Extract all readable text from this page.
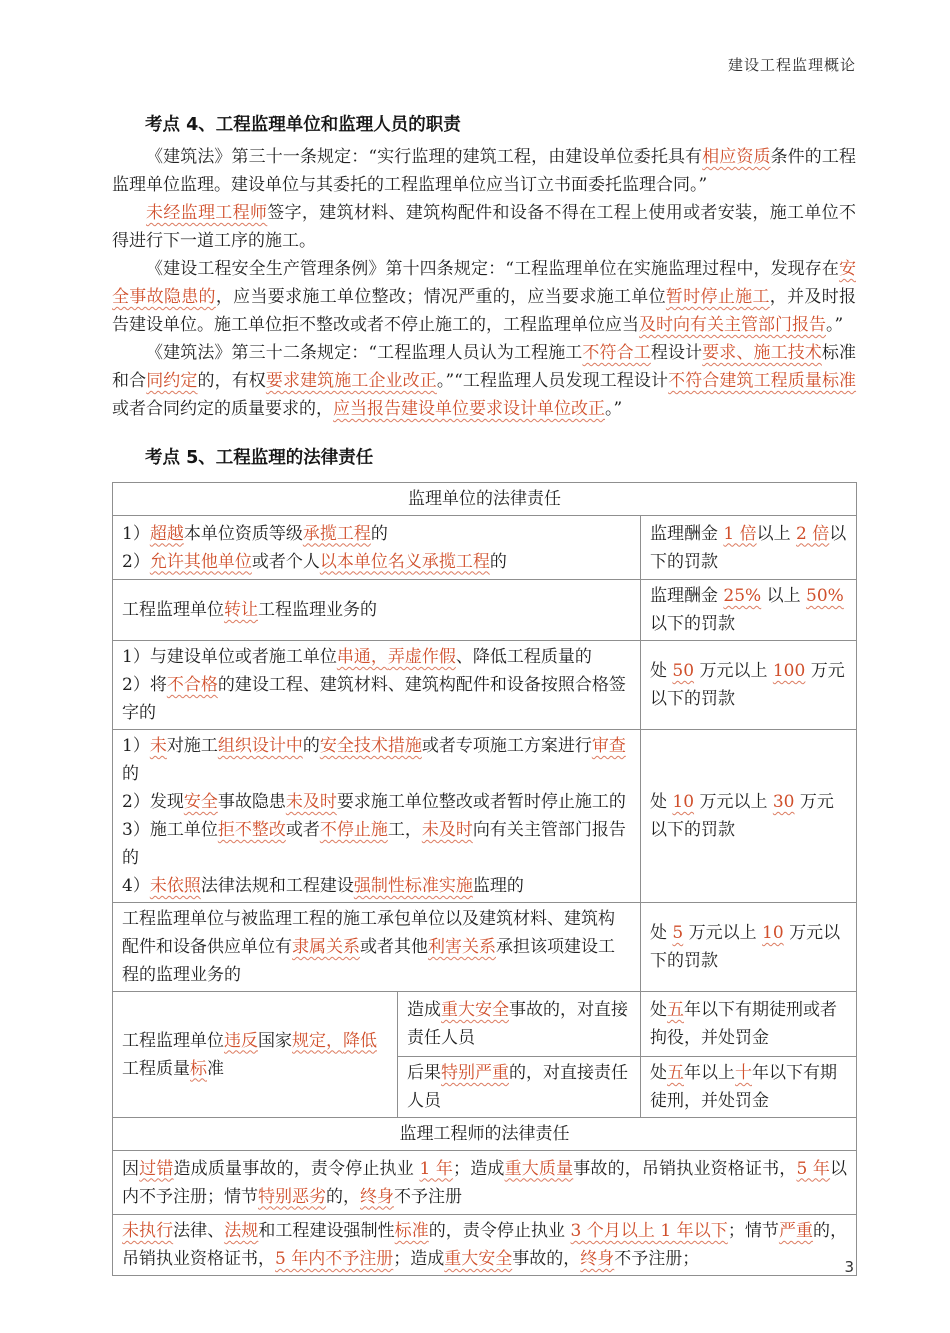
建设工程监理概论
考点 4、工程监理单位和监理人员的职责

《建筑法》第三十一条规定：“实行监理的建筑工程，由建设单位委托具有相应资质条件的工程监理单位监理。建设单位与其委托的工程监理单位应当订立书面委托监理合同。”

未经监理工程师签字，建筑材料、建筑构配件和设备不得在工程上使用或者安装，施工单位不得进行下一道工序的施工。

《建设工程安全生产管理条例》第十四条规定：“工程监理单位在实施监理过程中，发现存在安全事故隐患的，应当要求施工单位整改；情况严重的，应当要求施工单位暂时停止施工，并及时报告建设单位。施工单位拒不整改或者不停止施工的，工程监理单位应当及时向有关主管部门报告。”

《建筑法》第三十二条规定：“工程监理人员认为工程施工不符合工程设计要求、施工技术标准和合同约定的，有权要求建筑施工企业改正。”“工程监理人员发现工程设计不符合建筑工程质量标准或者合同约定的质量要求的，应当报告建设单位要求设计单位改正。”

考点 5、工程监理的法律责任
监理单位的法律责任		

1）超越本单位资质等级承揽工程的
2）允许其他单位或者个人以本单位名义承揽工程的		监理酬金 1 倍以上 2 倍以下的罚款
工程监理单位转让工程监理业务的		监理酬金 25% 以上 50% 以下的罚款

1）与建设单位或者施工单位串通，弄虚作假、降低工程质量的
2）将不合格的建设工程、建筑材料、建筑构配件和设备按照合格签字的		处 50 万元以上 100 万元以下的罚款

1）未对施工组织设计中的安全技术措施或者专项施工方案进行审查的
2）发现安全事故隐患未及时要求施工单位整改或者暂时停止施工的
3）施工单位拒不整改或者不停止施工，未及时向有关主管部门报告的
4）未依照法律法规和工程建设强制性标准实施监理的		处 10 万元以上 30 万元以下的罚款
工程监理单位与被监理工程的施工承包单位以及建筑材料、建筑构配件和设备供应单位有隶属关系或者其他利害关系承担该项建设工程的监理业务的		处 5 万元以上 10 万元以下的罚款
工程监理单位违反国家规定，降低工程质量标准	造成重大安全事故的，对直接责任人员	处五年以下有期徒刑或者拘役，并处罚金
	后果特别严重的，对直接责任人员	处五年以上十年以下有期徒刑，并处罚金
监理工程师的法律责任		
因过错造成质量事故的，责令停止执业 1 年；造成重大质量事故的，吊销执业资格证书，5 年以内不予注册；情节特别恶劣的，终身不予注册		
未执行法律、法规和工程建设强制性标准的，责令停止执业 3 个月以上 1 年以下；情节严重的，吊销执业资格证书，5 年内不予注册；造成重大安全事故的，终身不予注册；			3
